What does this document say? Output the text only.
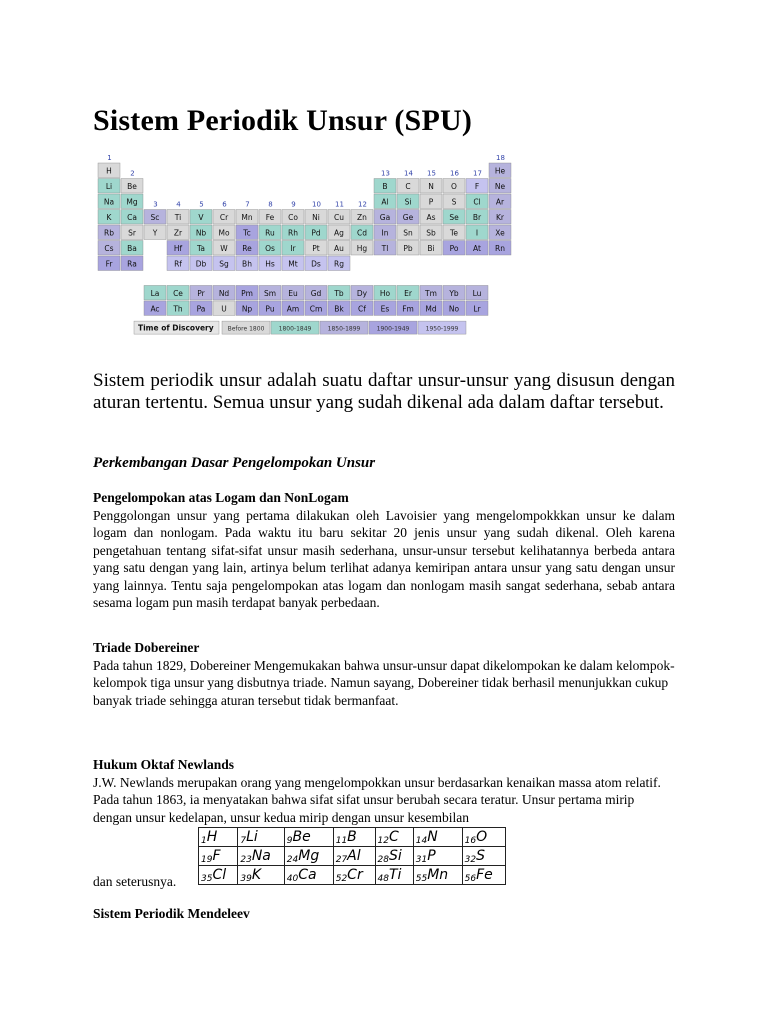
Sistem Periodik Unsur (SPU)
1
2
3	4	5	6	7	8	9 10 11 12
13 14 15 16 17
18
H	He
Li Be	B C N O F Ne
Na Mg	Al Si P S Cl Ar
K Ca Sc Ti V Cr Mn Fe Co Ni Cu Zn Ga Ge As Se Br Kr
Rb Sr Y Zr Nb Mo Tc Ru Rh Pd Ag Cd In Sn Sb Te I Xe
Cs Ba	Hf Ta W Re Os Ir Pt Au Hg Tl Pb Bi Po At Rn
Fr Ra	Rf Db Sg Bh Hs Mt Ds Rg
La Ce Pr Nd Pm Sm Eu Gd Tb Dy Ho Er Tm Yb Lu
Ac Th Pa U Np Pu Am Cm Bk Cf Es Fm Md No Lr
Time of Discovery Before 1800 1800-1849	1850-1899	1900-1949	1950-1999

Sistem periodik unsur adalah suatu daftar unsur-unsur yang disusun dengan aturan tertentu. Semua unsur yang sudah dikenal ada dalam daftar tersebut.

Perkembangan Dasar Pengelompokan Unsur

Pengelompokan atas Logam dan NonLogam

Penggolongan unsur yang pertama dilakukan oleh Lavoisier yang mengelompokkkan unsur ke dalam logam dan nonlogam. Pada waktu itu baru sekitar 20 jenis unsur yang sudah dikenal. Oleh karena pengetahuan tentang sifat-sifat unsur masih sederhana, unsur-unsur tersebut kelihatannya berbeda antara yang satu dengan yang lain, artinya belum terlihat adanya kemiripan antara unsur yang satu dengan unsur yang lainnya. Tentu saja pengelompokan atas logam dan nonlogam masih sangat sederhana, sebab antara sesama logam pun masih terdapat banyak perbedaan.

Triade Dobereiner

Pada tahun 1829, Dobereiner Mengemukakan bahwa unsur-unsur dapat dikelompokan ke dalam kelompok-kelompok tiga unsur yang disbutnya triade. Namun sayang, Dobereiner tidak berhasil menunjukkan cukup banyak triade sehingga aturan tersebut tidak bermanfaat.

Hukum Oktaf Newlands

J.W. Newlands merupakan orang yang mengelompokkan unsur berdasarkan kenaikan massa atom relatif. Pada tahun 1863, ia menyatakan bahwa sifat sifat unsur berubah secara teratur. Unsur pertama mirip dengan unsur kedelapan, unsur kedua mirip dengan unsur kesembilan

$_1$H	$_7$Li	$_9$Be	$_{11}$B	$_{12}$C	$_{14}$N	$_{16}$O
$_{19}$F	$_{23}$Na	$_{24}$Mg	$_{27}$Al	$_{28}$Si	$_{31}$P	$_{32}$S
$_{35}$Cl	$_{39}$K	$_{40}$Ca	$_{52}$Cr	$_{48}$Ti	$_{55}$Mn	$_{56}$Fe

dan seterusnya.

Sistem Periodik Mendeleev
